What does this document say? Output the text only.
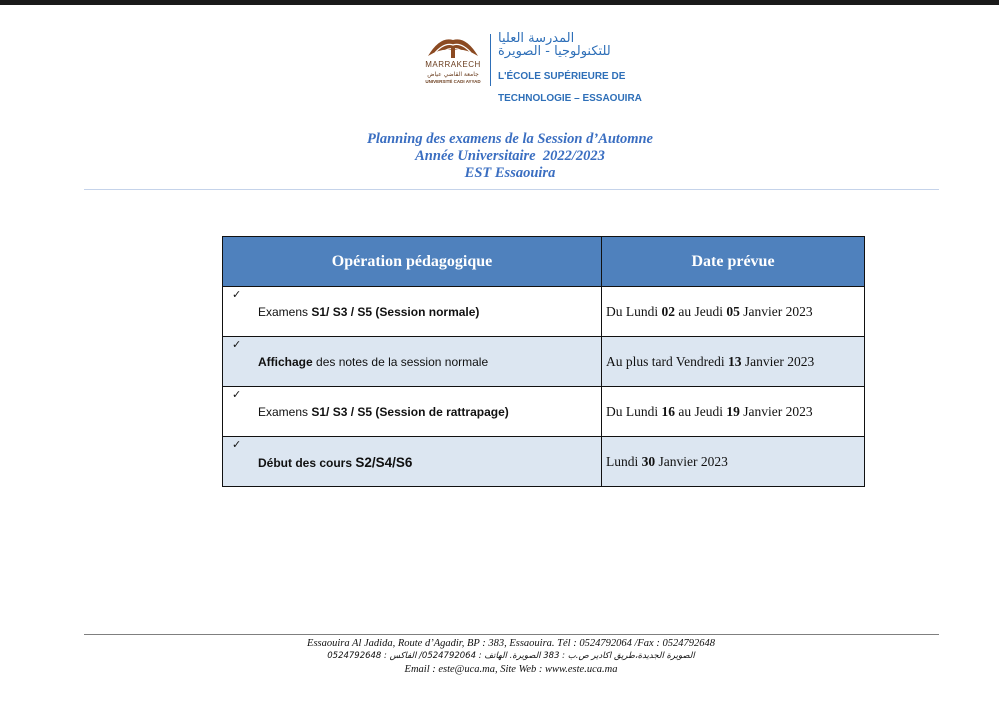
MARRAKECH
جامعة القاضي عياض
UNIVERSITÉ CADI AYYAD
المدرسة العليا
للتكنولوجيا - الصويرة

L'ÉCOLE SUPÉRIEURE DE

TECHNOLOGIE – ESSAOUIRA

Planning des examens de la Session d’Automne
Année Universitaire  2022/2023
EST Essaouira
Opération pédagogique	Date prévue

✓
Examens S1/ S3 / S5 (Session normale)	Du Lundi 02 au Jeudi 05 Janvier 2023

✓
Affichage des notes de la session normale	Au plus tard Vendredi 13 Janvier 2023

✓
Examens S1/ S3 / S5 (Session de rattrapage)	Du Lundi 16 au Jeudi 19 Janvier 2023

✓
Début des cours S2/S4/S6	Lundi 30 Janvier 2023
Essaouira Al Jadida, Route d’Agadir, BP : 383, Essaouira. Tél : 0524792064 /Fax : 0524792648
الصويرة الجديدة،طريق اكادير ص.ب : 383 الصويرة. الهاتف : 0524792064/ الفاكس : 0524792648
Email : este@uca.ma, Site Web : www.este.uca.ma
